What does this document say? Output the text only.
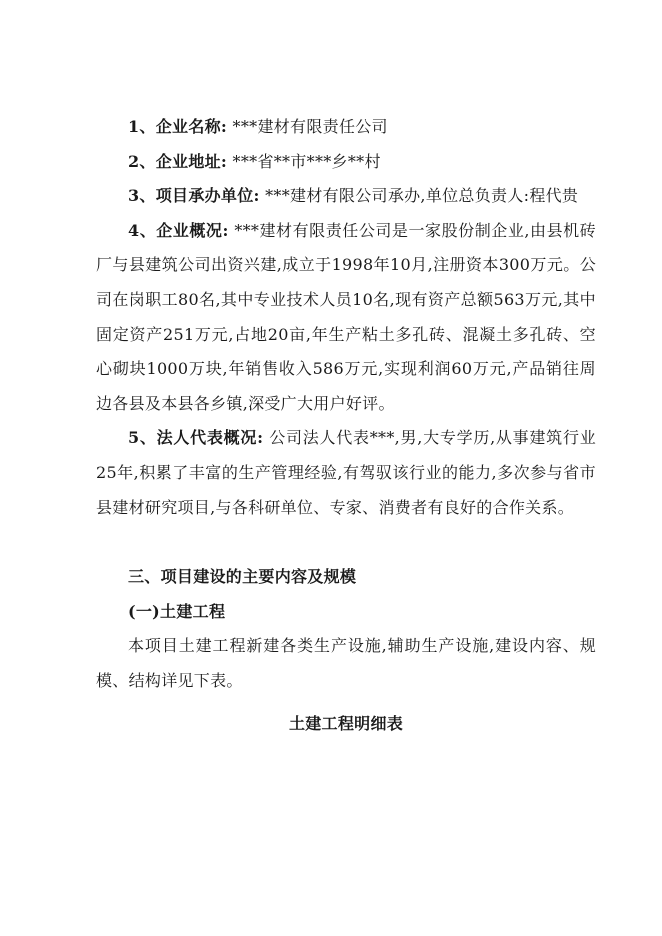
1、企业名称: ***建材有限责任公司

2、企业地址: ***省**市***乡**村

3、项目承办单位: ***建材有限公司承办,单位总负责人:程代贵

4、企业概况: ***建材有限责任公司是一家股份制企业,由县机砖厂与县建筑公司出资兴建,成立于1998年10月,注册资本300万元。公司在岗职工80名,其中专业技术人员10名,现有资产总额563万元,其中固定资产251万元,占地20亩,年生产粘土多孔砖、混凝土多孔砖、空心砌块1000万块,年销售收入586万元,实现利润60万元,产品销往周边各县及本县各乡镇,深受广大用户好评。

5、法人代表概况: 公司法人代表***,男,大专学历,从事建筑行业25年,积累了丰富的生产管理经验,有驾驭该行业的能力,多次参与省市县建材研究项目,与各科研单位、专家、消费者有良好的合作关系。

三、项目建设的主要内容及规模

(一)土建工程

本项目土建工程新建各类生产设施,辅助生产设施,建设内容、规模、结构详见下表。

土建工程明细表
